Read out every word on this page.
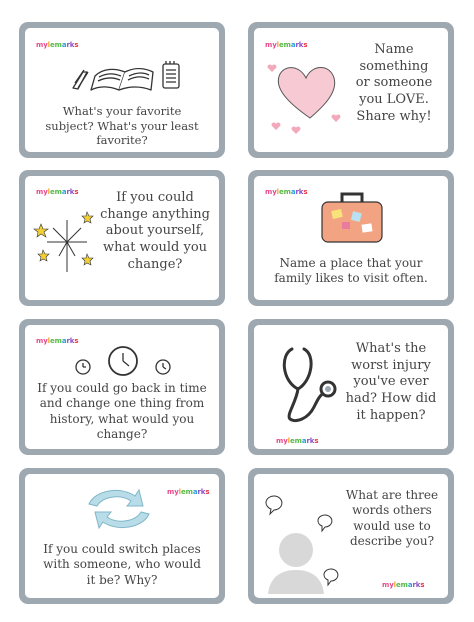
mylemarks
What's your favorite
subject? What's your least
favorite?
mylemarks	Name
something
or someone
you LOVE.
Share why!
mylemarks	If you could
change anything
about yourself,
what would you
change?
mylemarks
Name a place that your
family likes to visit often.
mylemarks
If you could go back in time
and change one thing from
history, what would you
change?	mylemarks
What's the
worst injury
you've ever
had? How did
it happen?
mylemarks
If you could switch places
with someone, who would
it be? Why?	mylemarks
What are three
words others
would use to
describe you?
